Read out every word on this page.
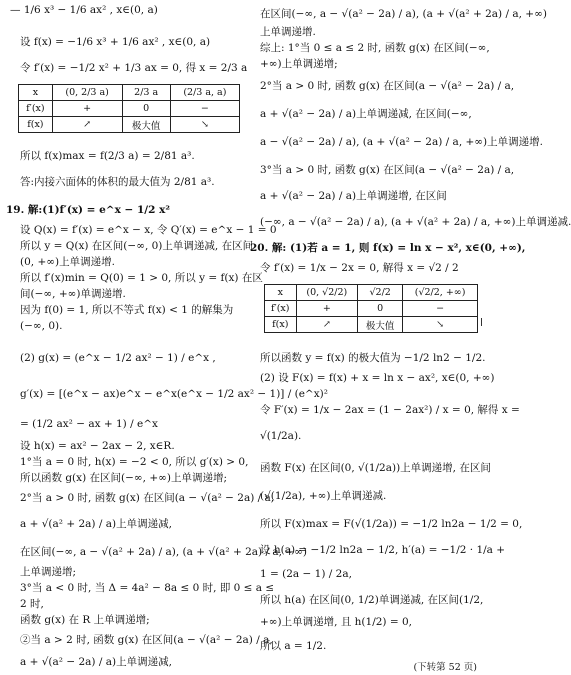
— 1/6 x³ − 1/6 ax² , x∈(0, a)
设 f(x) = −1/6 x³ + 1/6 ax² , x∈(0, a)
令 f′(x) = −1/2 x² + 1/3 ax = 0, 得 x = 2/3 a
x	(0, 2/3 a)	2/3 a	(2/3 a, a)
f′(x)	+	0	−
f(x)	↗	极大值	↘
所以 f(x)max = f(2/3 a) = 2/81 a³.
答:内接六面体的体积的最大值为 2/81 a³.
19. 解:(1)f′(x) = e^x − 1/2 x²
设 Q(x) = f′(x) = e^x − x, 令 Q′(x) = e^x − 1 = 0
所以 y = Q(x) 在区间(−∞, 0)上单调递减, 在区间
(0, +∞)上单调递增.
所以 f′(x)min = Q(0) = 1 > 0, 所以 y = f(x) 在区
间(−∞, +∞)单调递增.
因为 f(0) = 1, 所以不等式 f(x) < 1 的解集为
(−∞, 0).
(2) g(x) = (e^x − 1/2 ax² − 1) / e^x ,
g′(x) = [(e^x − ax)e^x − e^x(e^x − 1/2 ax² − 1)] / (e^x)²
= (1/2 ax² − ax + 1) / e^x
设 h(x) = ax² − 2ax − 2, x∈R.
1°当 a = 0 时, h(x) = −2 < 0, 所以 g′(x) > 0,
所以函数 g(x) 在区间(−∞, +∞)上单调递增;
2°当 a > 0 时, 函数 g(x) 在区间(a − √(a² − 2a) / a,
a + √(a² + 2a) / a)上单调递减,
在区间(−∞, a − √(a² + 2a) / a), (a + √(a² + 2a) / a, +∞)
上单调递增;
3°当 a < 0 时, 当 Δ = 4a² − 8a ≤ 0 时, 即 0 ≤ a ≤
2 时,
函数 g(x) 在 R 上单调递增;
②当 a > 2 时, 函数 g(x) 在区间(a − √(a² − 2a) / a,
a + √(a² − 2a) / a)上单调递减,
在区间(−∞, a − √(a² − 2a) / a), (a + √(a² + 2a) / a, +∞)
上单调递增.
综上: 1°当 0 ≤ a ≤ 2 时, 函数 g(x) 在区间(−∞,
+∞)上单调递增;
2°当 a > 0 时, 函数 g(x) 在区间(a − √(a² − 2a) / a,
a + √(a² − 2a) / a)上单调递减, 在区间(−∞,
a − √(a² − 2a) / a), (a + √(a² − 2a) / a, +∞)上单调递增.
3°当 a > 0 时, 函数 g(x) 在区间(a − √(a² − 2a) / a,
a + √(a² − 2a) / a)上单调递增, 在区间
(−∞, a − √(a² − 2a) / a), (a + √(a² + 2a) / a, +∞)上单调递减.
20. 解: (1)若 a = 1, 则 f(x) = ln x − x², x∈(0, +∞),
令 f′(x) = 1/x − 2x = 0, 解得 x = √2 / 2
x	(0, √2/2)	√2/2	(√2/2, +∞)
f′(x)	+	0	−
f(x)	↗	极大值	↘
所以函数 y = f(x) 的极大值为 −1/2 ln2 − 1/2.
(2) 设 F(x) = f(x) + x = ln x − ax², x∈(0, +∞)
令 F′(x) = 1/x − 2ax = (1 − 2ax²) / x = 0, 解得 x =
√(1/2a).
函数 F(x) 在区间(0, √(1/2a))上单调递增, 在区间
(√(1/2a), +∞)上单调递减.
所以 F(x)max = F(√(1/2a)) = −1/2 ln2a − 1/2 = 0,
设 h(a) = −1/2 ln2a − 1/2, h′(a) = −1/2 · 1/a +
1 = (2a − 1) / 2a,
所以 h(a) 在区间(0, 1/2)单调递减, 在区间(1/2,
+∞)上单调递增, 且 h(1/2) = 0,
所以 a = 1/2.
(下转第 52 页)
